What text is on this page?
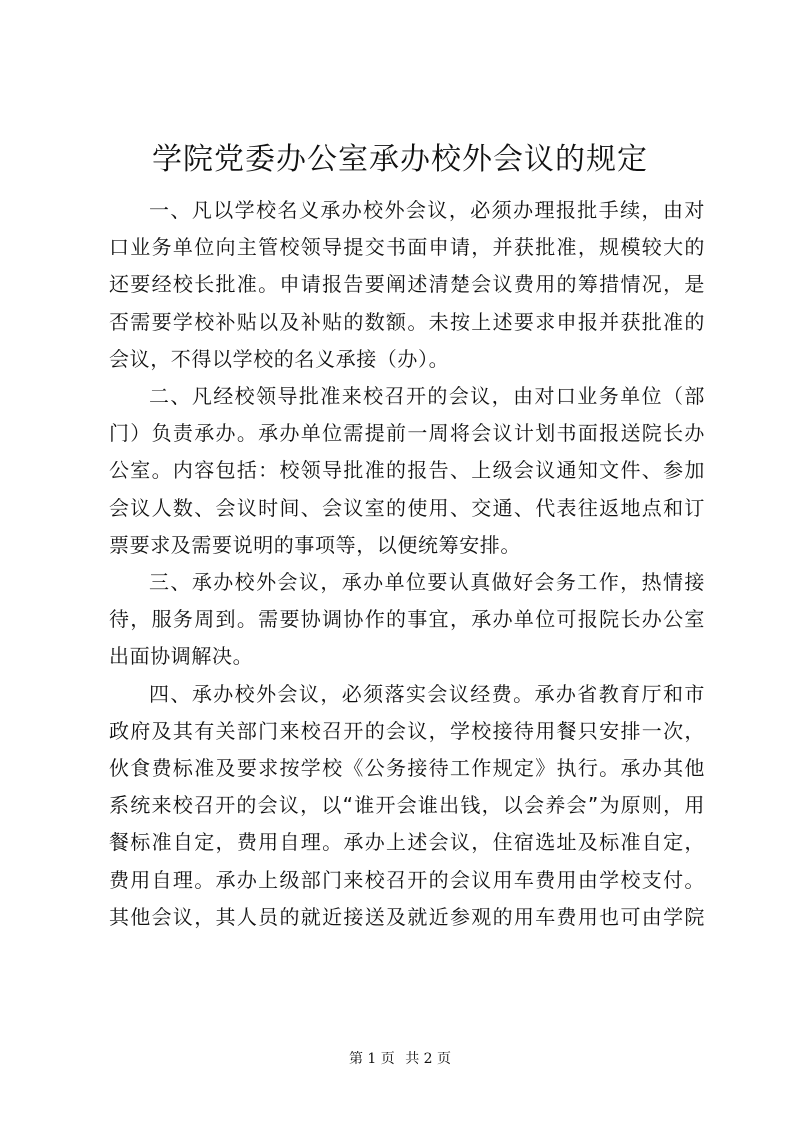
学院党委办公室承办校外会议的规定

一、凡以学校名义承办校外会议，必须办理报批手续，由对口业务单位向主管校领导提交书面申请，并获批准，规模较大的还要经校长批准。申请报告要阐述清楚会议费用的筹措情况，是否需要学校补贴以及补贴的数额。未按上述要求申报并获批准的会议，不得以学校的名义承接（办）。

二、凡经校领导批准来校召开的会议，由对口业务单位（部门）负责承办。承办单位需提前一周将会议计划书面报送院长办公室。内容包括：校领导批准的报告、上级会议通知文件、参加会议人数、会议时间、会议室的使用、交通、代表往返地点和订票要求及需要说明的事项等，以便统筹安排。

三、承办校外会议，承办单位要认真做好会务工作，热情接待，服务周到。需要协调协作的事宜，承办单位可报院长办公室出面协调解决。

四、承办校外会议，必须落实会议经费。承办省教育厅和市政府及其有关部门来校召开的会议，学校接待用餐只安排一次，伙食费标准及要求按学校《公务接待工作规定》执行。承办其他系统来校召开的会议，以“谁开会谁出钱，以会养会”为原则，用餐标准自定，费用自理。承办上述会议，住宿选址及标准自定，费用自理。承办上级部门来校召开的会议用车费用由学校支付。其他会议，其人员的就近接送及就近参观的用车费用也可由学院

第 1 页 共 2 页
